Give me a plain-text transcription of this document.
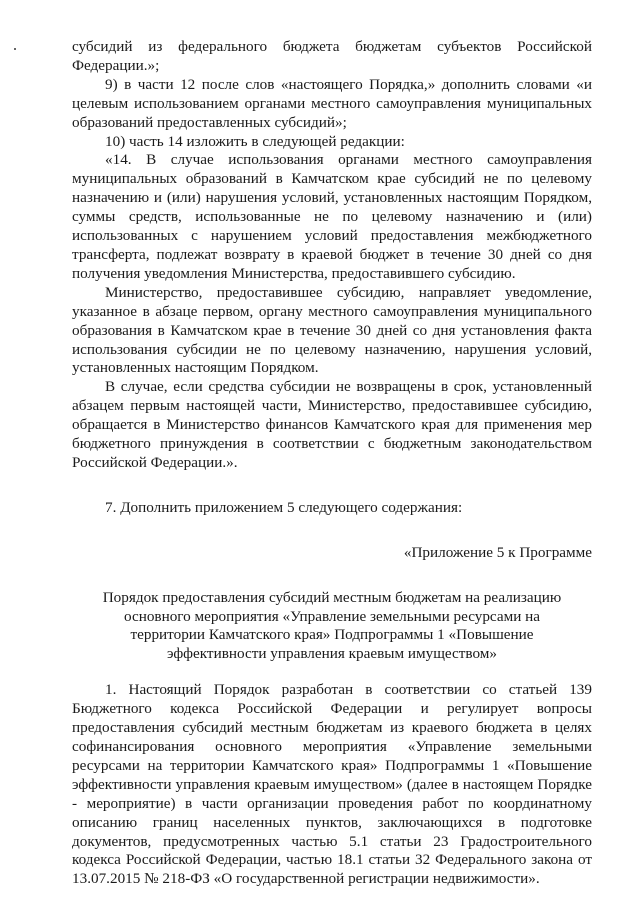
субсидий из федерального бюджета бюджетам субъектов Российской Федерации.»;

9) в части 12 после слов «настоящего Порядка,» дополнить словами «и целевым использованием органами местного самоуправления муниципальных образований предоставленных субсидий»;

10) часть 14 изложить в следующей редакции:

«14. В случае использования органами местного самоуправления муниципальных образований в Камчатском крае субсидий не по целевому назначению и (или) нарушения условий, установленных настоящим Порядком, суммы средств, использованные не по целевому назначению и (или) использованных с нарушением условий предоставления межбюджетного трансферта, подлежат возврату в краевой бюджет в течение 30 дней со дня получения уведомления Министерства, предоставившего субсидию.

Министерство, предоставившее субсидию, направляет уведомление, указанное в абзаце первом, органу местного самоуправления муниципального образования в Камчатском крае в течение 30 дней со дня установления факта использования субсидии не по целевому назначению, нарушения условий, установленных настоящим Порядком.

В случае, если средства субсидии не возвращены в срок, установленный абзацем первым настоящей части, Министерство, предоставившее субсидию, обращается в Министерство финансов Камчатского края для применения мер бюджетного принуждения в соответствии с бюджетным законодательством Российской Федерации.».

7. Дополнить приложением 5 следующего содержания:

«Приложение 5 к Программе

Порядок предоставления субсидий местным бюджетам на реализацию основного мероприятия «Управление земельными ресурсами на территории Камчатского края» Подпрограммы 1 «Повышение эффективности управления краевым имуществом»

1. Настоящий Порядок разработан в соответствии со статьей 139 Бюджетного кодекса Российской Федерации и регулирует вопросы предоставления субсидий местным бюджетам из краевого бюджета в целях софинансирования основного мероприятия «Управление земельными ресурсами на территории Камчатского края» Подпрограммы 1 «Повышение эффективности управления краевым имуществом» (далее в настоящем Порядке - мероприятие) в части организации проведения работ по координатному описанию границ населенных пунктов, заключающихся в подготовке документов, предусмотренных частью 5.1 статьи 23 Градостроительного кодекса Российской Федерации, частью 18.1 статьи 32 Федерального закона от 13.07.2015 № 218-ФЗ «О государственной регистрации недвижимости».
